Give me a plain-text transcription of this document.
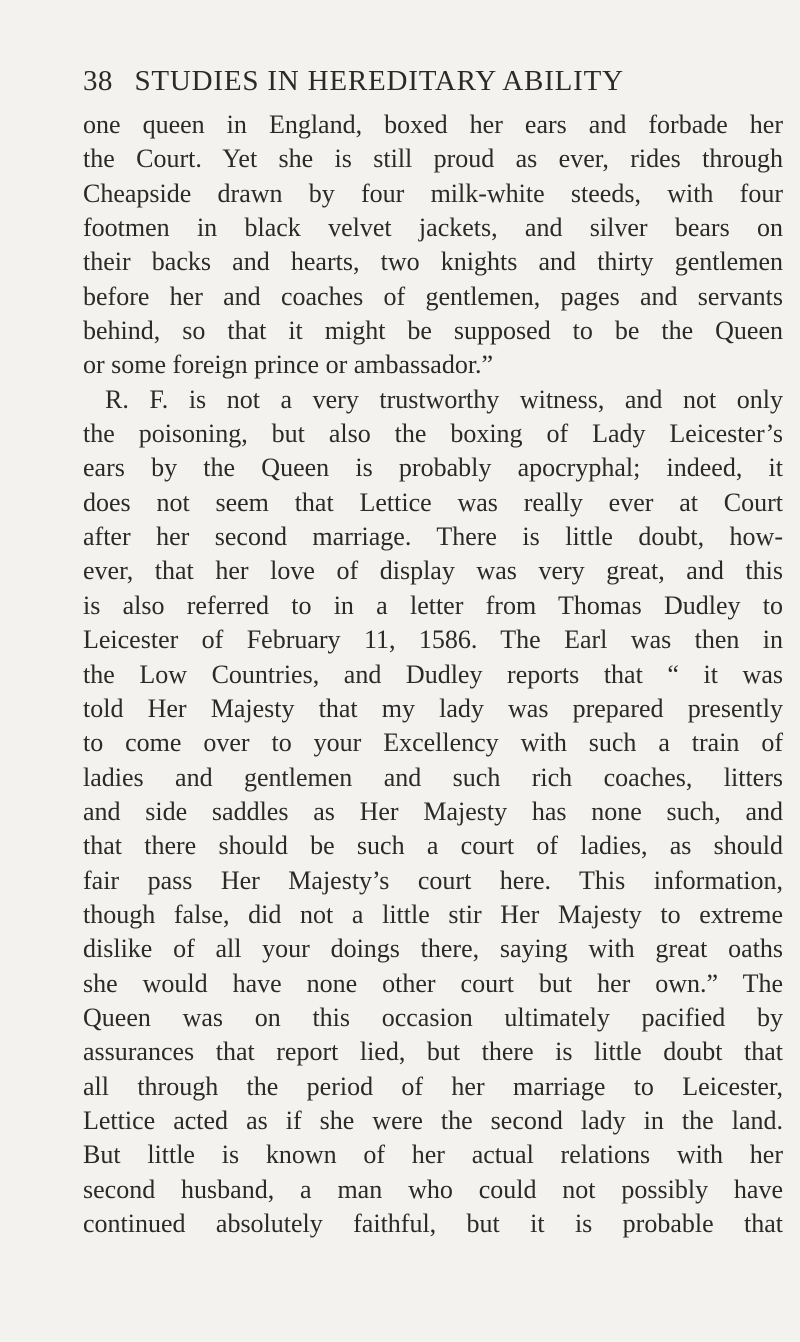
38 STUDIES IN HEREDITARY ABILITY
one queen in England, boxed her ears and forbade her
the Court. Yet she is still proud as ever, rides through
Cheapside drawn by four milk-white steeds, with four
footmen in black velvet jackets, and silver bears on
their backs and hearts, two knights and thirty gentlemen
before her and coaches of gentlemen, pages and servants
behind, so that it might be supposed to be the Queen
or some foreign prince or ambassador.”
R. F. is not a very trustworthy witness, and not only
the poisoning, but also the boxing of Lady Leicester’s
ears by the Queen is probably apocryphal; indeed, it
does not seem that Lettice was really ever at Court
after her second marriage. There is little doubt, how-
ever, that her love of display was very great, and this
is also referred to in a letter from Thomas Dudley to
Leicester of February 11, 1586. The Earl was then in
the Low Countries, and Dudley reports that “ it was
told Her Majesty that my lady was prepared presently
to come over to your Excellency with such a train of
ladies and gentlemen and such rich coaches, litters
and side saddles as Her Majesty has none such, and
that there should be such a court of ladies, as should
fair pass Her Majesty’s court here. This information,
though false, did not a little stir Her Majesty to extreme
dislike of all your doings there, saying with great oaths
she would have none other court but her own.” The
Queen was on this occasion ultimately pacified by
assurances that report lied, but there is little doubt that
all through the period of her marriage to Leicester,
Lettice acted as if she were the second lady in the land.
But little is known of her actual relations with her
second husband, a man who could not possibly have
continued absolutely faithful, but it is probable that
